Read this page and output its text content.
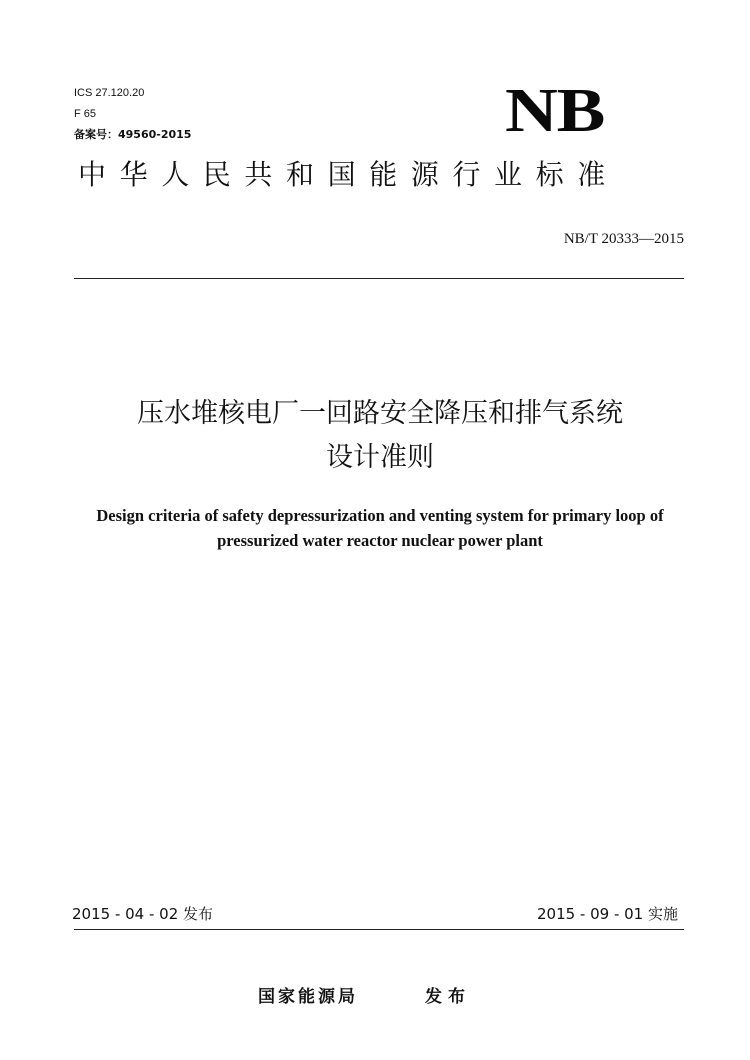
ICS 27.120.20
F 65
备案号：49560-2015	NB
中华人民共和国能源行业标准
NB/T 20333—2015
压水堆核电厂一回路安全降压和排气系统
设计准则
Design criteria of safety depressurization and venting system for primary loop of
pressurized water reactor nuclear power plant
2015 - 04 - 02 发布	2015 - 09 - 01 实施
国家能源局	发布
